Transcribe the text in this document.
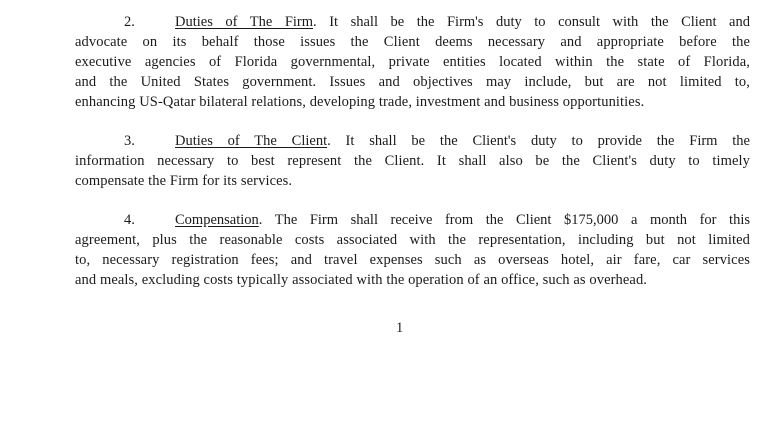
2.	Duties of The Firm. It shall be the Firm's duty to consult with the Client and
advocate on its behalf those issues the Client deems necessary and appropriate before the
executive agencies of Florida governmental, private entities located within the state of Florida,
and the United States government. Issues and objectives may include, but are not limited to,
enhancing US-Qatar bilateral relations, developing trade, investment and business opportunities.
3.	Duties of The Client. It shall be the Client's duty to provide the Firm the
information necessary to best represent the Client. It shall also be the Client's duty to timely
compensate the Firm for its services.
4.	Compensation. The Firm shall receive from the Client $175,000 a month for this
agreement, plus the reasonable costs associated with the representation, including but not limited
to, necessary registration fees; and travel expenses such as overseas hotel, air fare, car services
and meals, excluding costs typically associated with the operation of an office, such as overhead.
1
